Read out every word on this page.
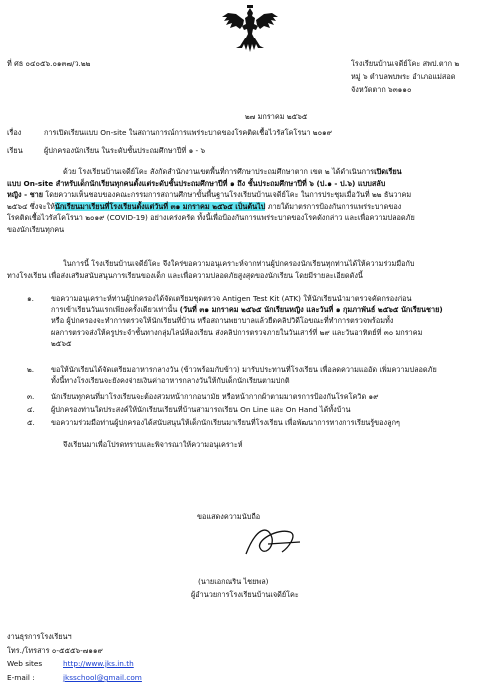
ที่ ศธ ๐๔๐๕๖.๐๑๓๗/ว.๒๒	โรงเรียนบ้านเจดีย์โคะ สพป.ตาก ๒
หมู่ ๖ ตำบลพบพระ อำเภอแม่สอด
จังหวัดตาก ๖๓๑๑๐
๒๗ มกราคม ๒๕๖๕
เรื่อง	การเปิดเรียนแบบ On-site ในสถานการณ์การแพร่ระบาดของโรคติดเชื้อไวรัสโคโรนา ๒๐๑๙
เรียน	ผู้ปกครองนักเรียน ในระดับชั้นประถมศึกษาปีที่ ๑ - ๖

ด้วย โรงเรียนบ้านเจดีย์โคะ สังกัดสำนักงานเขตพื้นที่การศึกษาประถมศึกษาตาก เขต ๒ ได้ดำเนินการเปิดเรียน

แบบ On-site สำหรับเด็กนักเรียนทุกคนตั้งแต่ระดับชั้นประถมศึกษาปีที่ ๑ ถึง ชั้นประถมศึกษาปีที่ ๖ (ป.๑ - ป.๖) แบบสลับ

หญิง - ชาย โดยความเห็นชอบของคณะกรรมการสถานศึกษาขั้นพื้นฐานโรงเรียนบ้านเจดีย์โคะ ในการประชุมเมื่อวันที่ ๒๒ ธันวาคม

๒๕๖๔ ซึ่งจะให้นักเรียนมาเรียนที่โรงเรียนตั้งแต่วันที่ ๓๑ มกราคม ๒๕๖๕ เป็นต้นไป ภายใต้มาตรการป้องกันการแพร่ระบาดของ

โรคติดเชื้อไวรัสโคโรนา ๒๐๑๙ (COVID-19) อย่างเคร่งครัด ทั้งนี้เพื่อป้องกันการแพร่ระบาดของโรคดังกล่าว และเพื่อความปลอดภัย

ของนักเรียนทุกคน

ในการนี้ โรงเรียนบ้านเจดีย์โคะ จึงใคร่ขอความอนุเคราะห์จากท่านผู้ปกครองนักเรียนทุกท่านได้ให้ความร่วมมือกับ

ทางโรงเรียน เพื่อส่งเสริมสนับสนุนการเรียนของเด็ก และเพื่อความปลอดภัยสูงสุดของนักเรียน โดยมีรายละเอียดดังนี้

๑. ขอความอนุเคราะห์ท่านผู้ปกครองได้จัดเตรียมชุดตรวจ Antigen Test Kit (ATK) ให้นักเรียนนำมาตรวจคัดกรองก่อน
การเข้าเรียนวันแรกเพียงครั้งเดียวเท่านั้น (วันที่ ๓๑ มกราคม ๒๕๖๕ นักเรียนหญิง และวันที่ ๑ กุมภาพันธ์ ๒๕๖๕ นักเรียนชาย)
หรือ ผู้ปกครองจะทำการตรวจให้นักเรียนที่บ้าน หรือสถานพยาบาลแล้วยืดคลิปวิดีโอขณะที่ทำการตรวจพร้อมทั้ง
ผลการตรวจส่งให้ครูประจำชั้นทางกลุ่มไลน์ห้องเรียน ส่งคลิปการตรวจภายในวันเสาร์ที่ ๒๙ และวันอาทิตย์ที่ ๓๐ มกราคม
๒๕๖๕
๒. ขอให้นักเรียนได้จัดเตรียมอาหารกลางวัน (ข้าวพร้อมกับข้าว) มารับประทานที่โรงเรียน เพื่อลดความแออัด เพิ่มความปลอดภัย
ทั้งนี้ทางโรงเรียนจะยังคงจ่ายเงินค่าอาหารกลางวันให้กับเด็กนักเรียนตามปกติ
๓. นักเรียนทุกคนที่มาโรงเรียนจะต้องสวมหน้ากากอนามัย หรือหน้ากากผ้าตามมาตรการป้องกันโรคโควิด ๑๙
๔. ผู้ปกครองท่านใดประสงค์ให้นักเรียนเรียนที่บ้านสามารถเรียน On Line และ On Hand ได้ทั้งบ้าน
๕. ขอความร่วมมือท่านผู้ปกครองได้สนับสนุนให้เด็กนักเรียนมาเรียนที่โรงเรียน เพื่อพัฒนาการทางการเรียนรู้ของลูกๆ
จึงเรียนมาเพื่อโปรดทราบและพิจารณาให้ความอนุเคราะห์
ขอแสดงความนับถือ
(นายเอกณริน ไชยพล)
ผู้อำนวยการโรงเรียนบ้านเจดีย์โคะ
งานธุรการโรงเรียนฯ
โทร./โทรสาร ๐-๕๕๕๖-๗๑๑๙
Web sites	http://www.jks.in.th
E-mail :	jksschool@gmail.com
